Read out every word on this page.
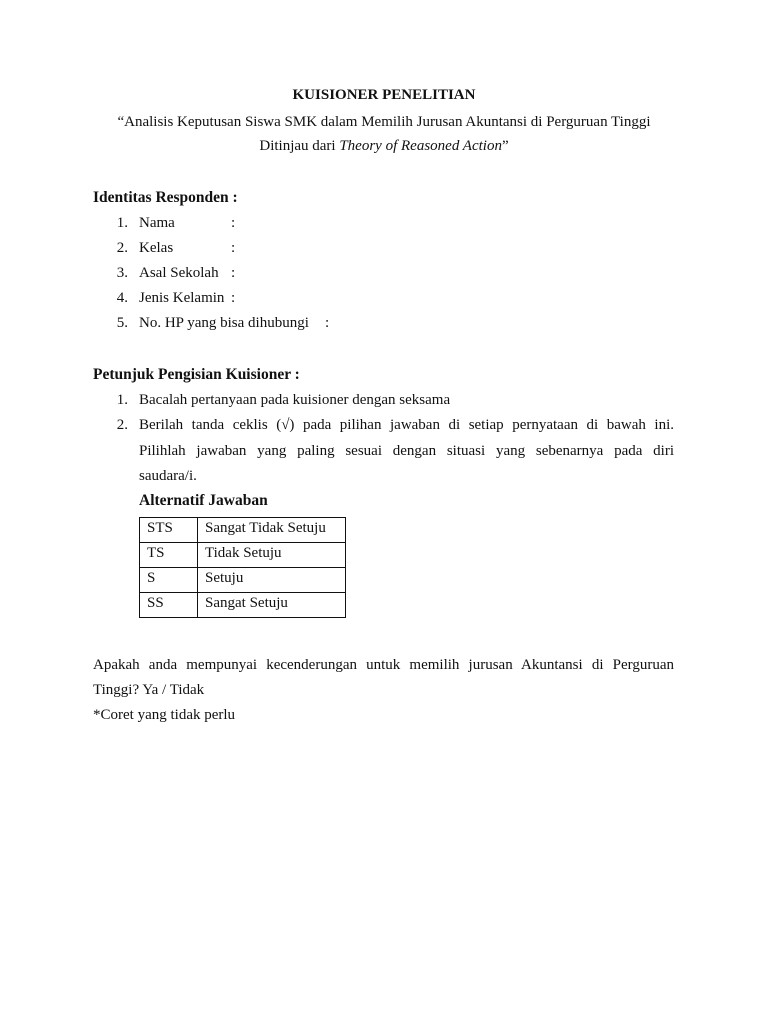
KUISIONER PENELITIAN
“Analisis Keputusan Siswa SMK dalam Memilih Jurusan Akuntansi di Perguruan Tinggi
Ditinjau dari Theory of Reasoned Action”
Identitas Responden :
1. Nama	:
2. Kelas	:
3. Asal Sekolah :
4. Jenis Kelamin :
5. No. HP yang bisa dihubungi :
Petunjuk Pengisian Kuisioner :
1. Bacalah pertanyaan pada kuisioner dengan seksama
2. Berilah tanda ceklis (√) pada pilihan jawaban di setiap pernyataan di bawah ini.
Pilihlah jawaban yang paling sesuai dengan situasi yang sebenarnya pada diri
saudara/i.
Alternatif Jawaban
STS	Sangat Tidak Setuju
TS	Tidak Setuju
S	Setuju
SS	Sangat Setuju
Apakah anda mempunyai kecenderungan untuk memilih jurusan Akuntansi di Perguruan
Tinggi? Ya / Tidak
*Coret yang tidak perlu
